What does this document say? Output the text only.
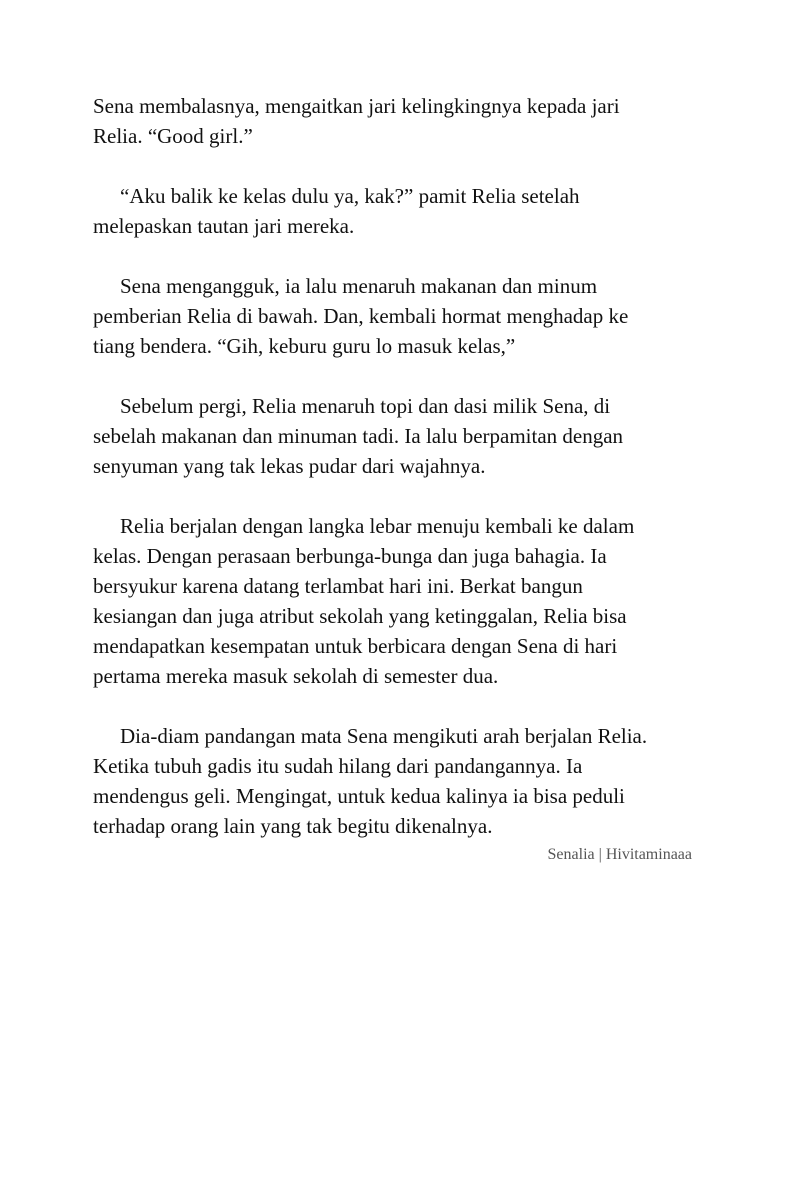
Sena membalasnya, mengaitkan jari kelingkingnya kepada jari
Relia. “Good girl.”

“Aku balik ke kelas dulu ya, kak?” pamit Relia setelah
melepaskan tautan jari mereka.

Sena mengangguk, ia lalu menaruh makanan dan minum
pemberian Relia di bawah. Dan, kembali hormat menghadap ke
tiang bendera. “Gih, keburu guru lo masuk kelas,”

Sebelum pergi, Relia menaruh topi dan dasi milik Sena, di
sebelah makanan dan minuman tadi. Ia lalu berpamitan dengan
senyuman yang tak lekas pudar dari wajahnya.

Relia berjalan dengan langka lebar menuju kembali ke dalam
kelas. Dengan perasaan berbunga-bunga dan juga bahagia. Ia
bersyukur karena datang terlambat hari ini. Berkat bangun
kesiangan dan juga atribut sekolah yang ketinggalan, Relia bisa
mendapatkan kesempatan untuk berbicara dengan Sena di hari
pertama mereka masuk sekolah di semester dua.

Dia-diam pandangan mata Sena mengikuti arah berjalan Relia.
Ketika tubuh gadis itu sudah hilang dari pandangannya. Ia
mendengus geli. Mengingat, untuk kedua kalinya ia bisa peduli
terhadap orang lain yang tak begitu dikenalnya.

Senalia | Hivitaminaaa
